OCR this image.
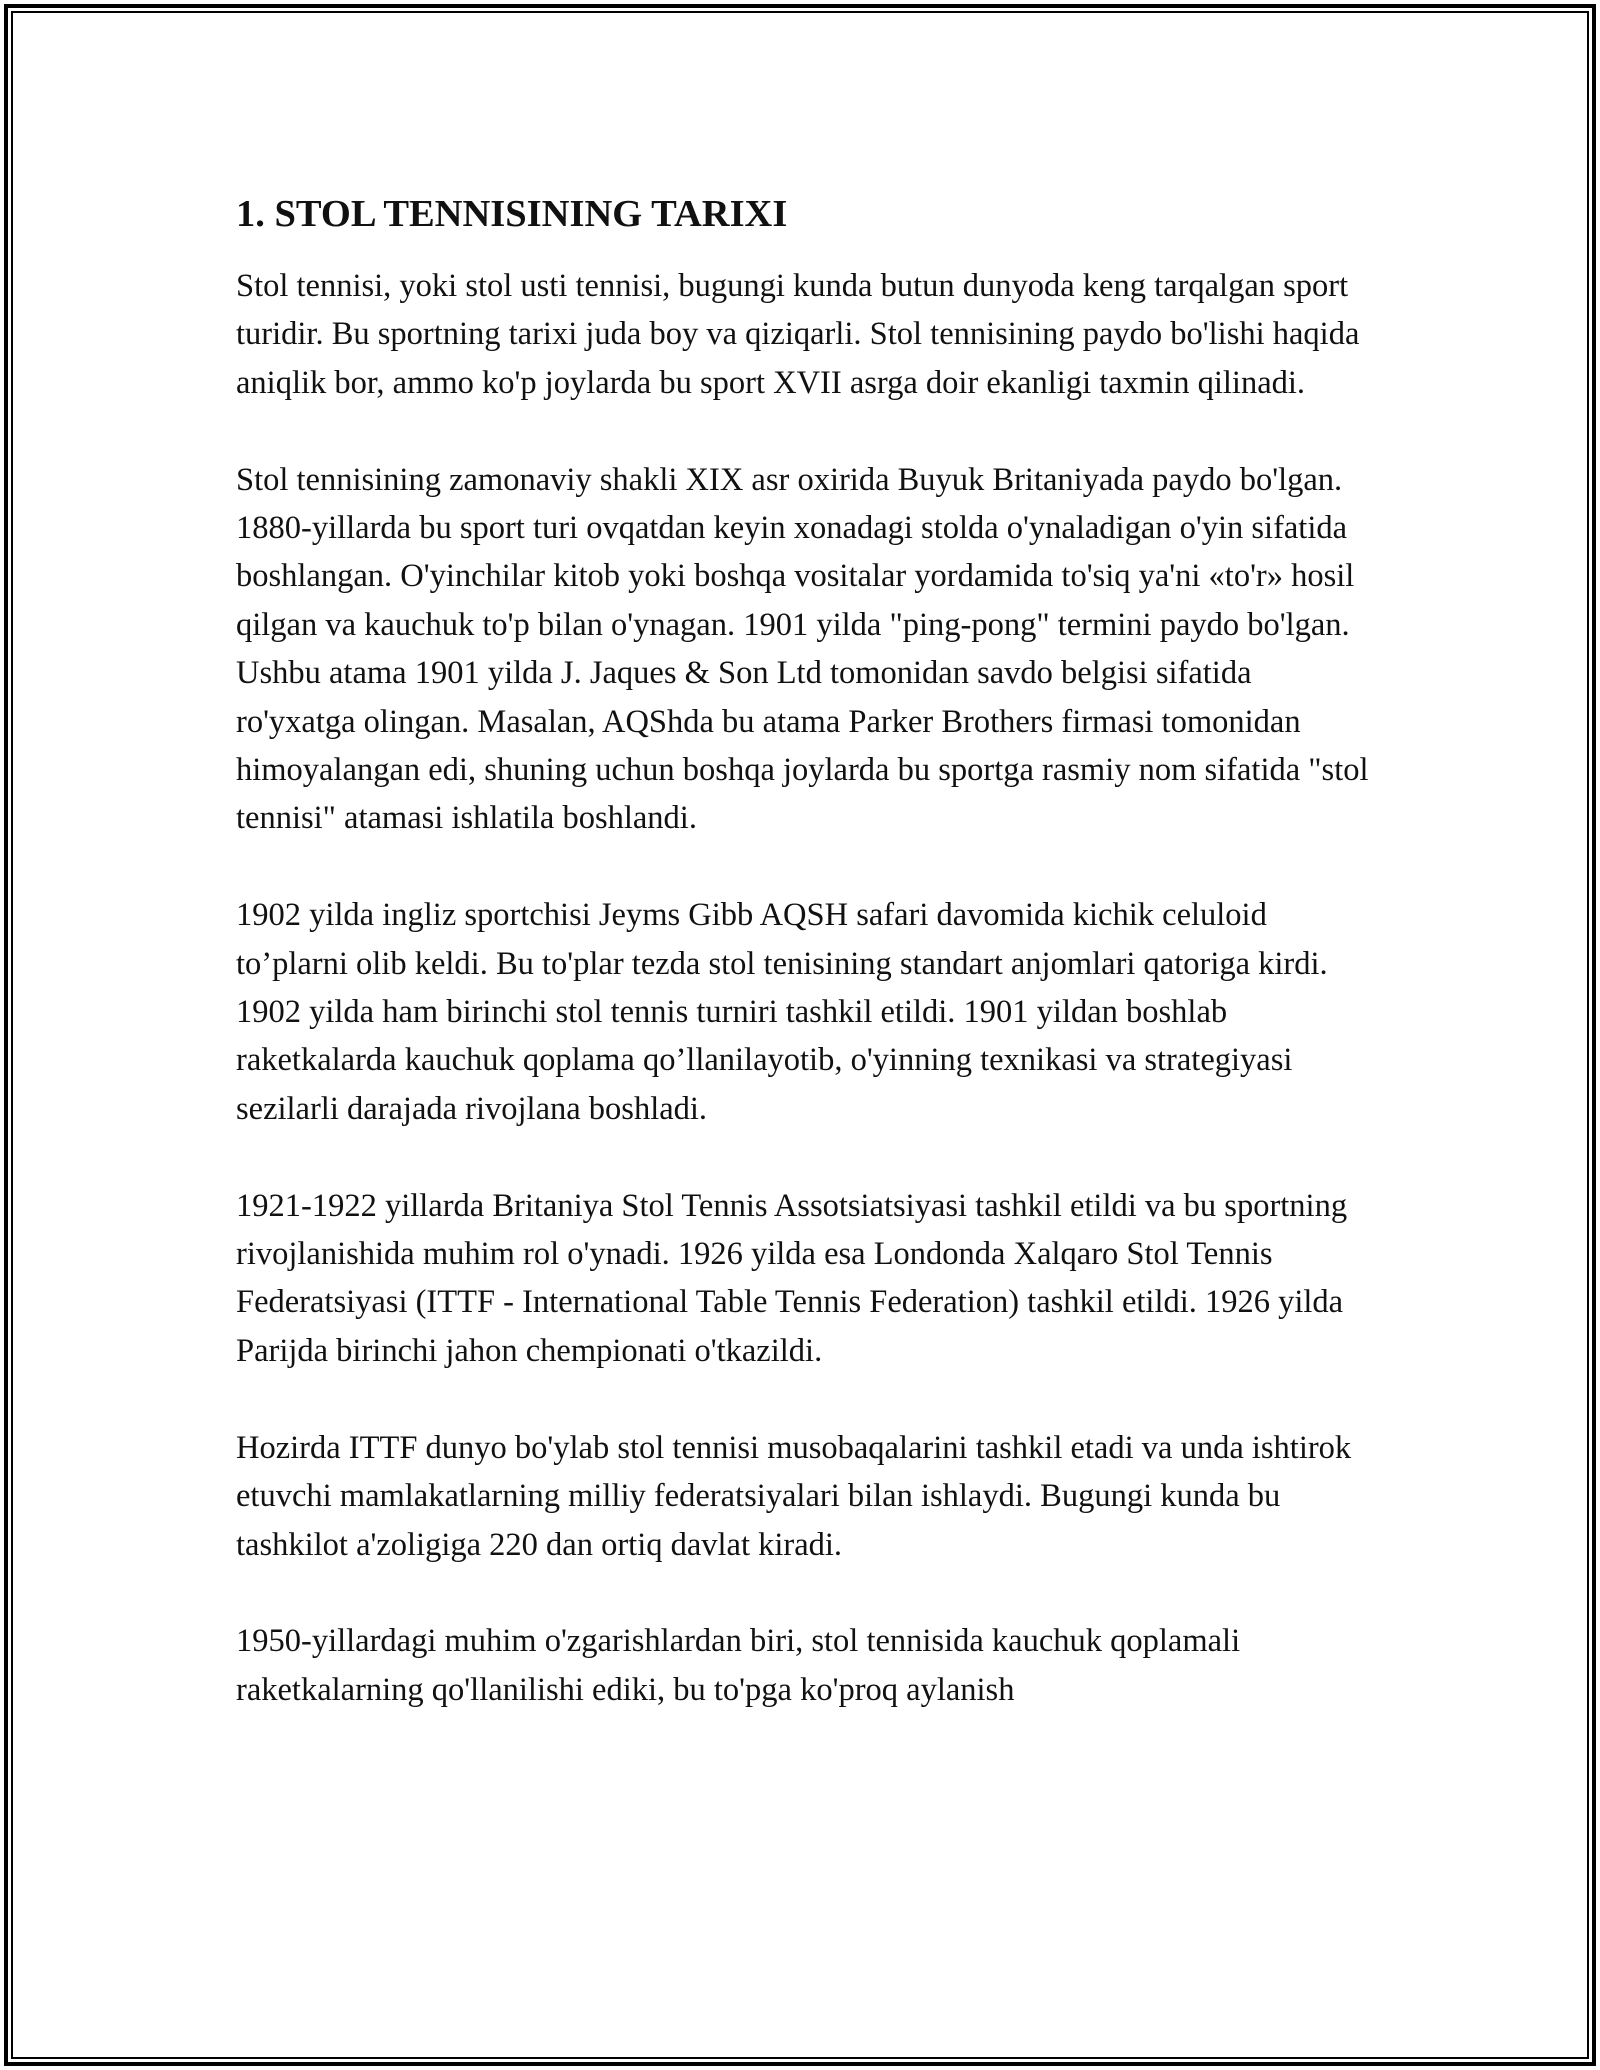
1. STOL TENNISINING TARIXI

Stol tennisi, yoki stol usti tennisi, bugungi kunda butun dunyoda keng tarqalgan sport turidir. Bu sportning tarixi juda boy va qiziqarli. Stol tennisining paydo bo'lishi haqida aniqlik bor, ammo ko'p joylarda bu sport XVII asrga doir ekanligi taxmin qilinadi.

Stol tennisining zamonaviy shakli XIX asr oxirida Buyuk Britaniyada paydo bo'lgan. 1880-yillarda bu sport turi ovqatdan keyin xonadagi stolda o'ynaladigan o'yin sifatida boshlangan. O'yinchilar kitob yoki boshqa vositalar yordamida to'siq ya'ni «to'r» hosil qilgan va kauchuk to'p bilan o'ynagan. 1901 yilda "ping-pong" termini paydo bo'lgan. Ushbu atama 1901 yilda J. Jaques & Son Ltd tomonidan savdo belgisi sifatida ro'yxatga olingan. Masalan, AQShda bu atama Parker Brothers firmasi tomonidan himoyalangan edi, shuning uchun boshqa joylarda bu sportga rasmiy nom sifatida "stol tennisi" atamasi ishlatila boshlandi.

1902 yilda ingliz sportchisi Jeyms Gibb AQSH safari davomida kichik celuloid to’plarni olib keldi. Bu to'plar tezda stol tenisining standart anjomlari qatoriga kirdi. 1902 yilda ham birinchi stol tennis turniri tashkil etildi. 1901 yildan boshlab raketkalarda kauchuk qoplama qo’llanilayotib, o'yinning texnikasi va strategiyasi sezilarli darajada rivojlana boshladi.

1921-1922 yillarda Britaniya Stol Tennis Assotsiatsiyasi tashkil etildi va bu sportning rivojlanishida muhim rol o'ynadi. 1926 yilda esa Londonda Xalqaro Stol Tennis Federatsiyasi (ITTF - International Table Tennis Federation) tashkil etildi. 1926 yilda Parijda birinchi jahon chempionati o'tkazildi.

Hozirda ITTF dunyo bo'ylab stol tennisi musobaqalarini tashkil etadi va unda ishtirok etuvchi mamlakatlarning milliy federatsiyalari bilan ishlaydi. Bugungi kunda bu tashkilot a'zoligiga 220 dan ortiq davlat kiradi.

1950-yillardagi muhim o'zgarishlardan biri, stol tennisida kauchuk qoplamali raketkalarning qo'llanilishi ediki, bu to'pga ko'proq aylanish
